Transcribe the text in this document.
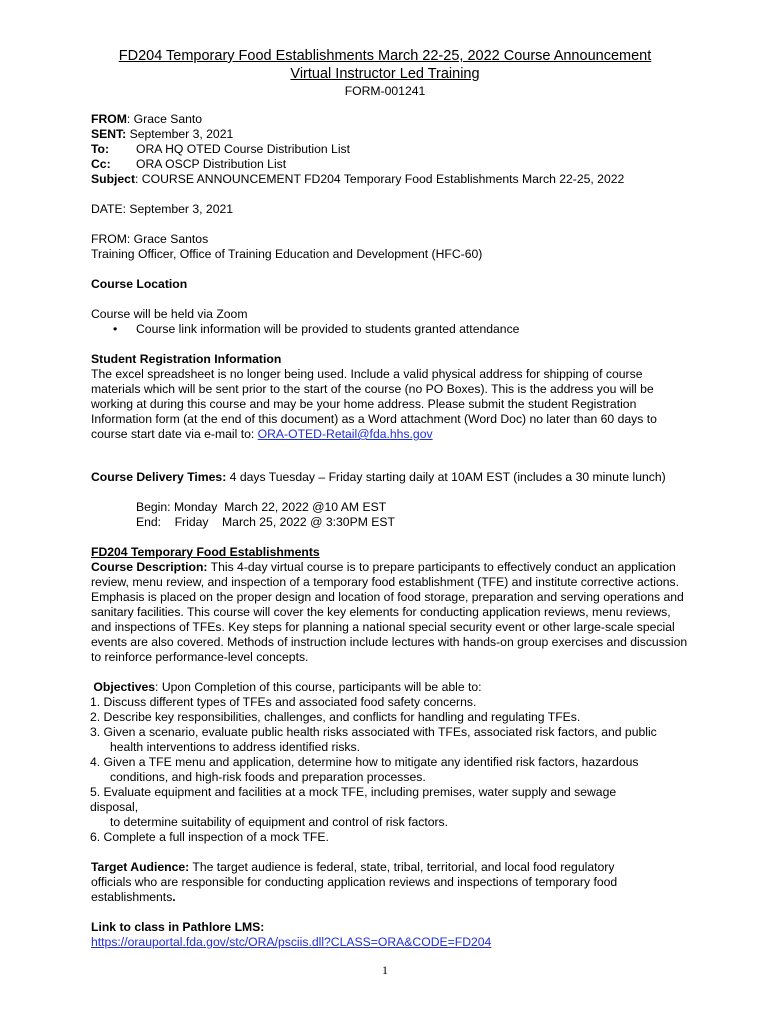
FD204 Temporary Food Establishments March 22-25, 2022 Course Announcement
Virtual Instructor Led Training
FORM-001241
FROM: Grace Santo
SENT: September 3, 2021
To: ORA HQ OTED Course Distribution List
Cc: ORA OSCP Distribution List
Subject: COURSE ANNOUNCEMENT FD204 Temporary Food Establishments March 22-25, 2022

DATE: September 3, 2021

FROM: Grace Santos

Training Officer, Office of Training Education and Development (HFC-60)

Course Location

Course will be held via Zoom

• Course link information will be provided to students granted attendance

Student Registration Information

The excel spreadsheet is no longer being used. Include a valid physical address for shipping of course materials which will be sent prior to the start of the course (no PO Boxes). This is the address you will be working at during this course and may be your home address. Please submit the student Registration Information form (at the end of this document) as a Word attachment (Word Doc) no later than 60 days to course start date via e-mail to: ORA-OTED-Retail@fda.hhs.gov

Course Delivery Times: 4 days Tuesday – Friday starting daily at 10AM EST (includes a 30 minute lunch)

Begin: Monday  March 22, 2022 @10 AM EST
End:    Friday    March 25, 2022 @ 3:30PM EST

FD204 Temporary Food Establishments

Course Description: This 4-day virtual course is to prepare participants to effectively conduct an application review, menu review, and inspection of a temporary food establishment (TFE) and institute corrective actions. Emphasis is placed on the proper design and location of food storage, preparation and serving operations and sanitary facilities. This course will cover the key elements for conducting application reviews, menu reviews, and inspections of TFEs. Key steps for planning a national special security event or other large-scale special events are also covered. Methods of instruction include lectures with hands-on group exercises and discussion to reinforce performance-level concepts.

Objectives: Upon Completion of this course, participants will be able to:
1. Discuss different types of TFEs and associated food safety concerns.
2. Describe key responsibilities, challenges, and conflicts for handling and regulating TFEs.
3. Given a scenario, evaluate public health risks associated with TFEs, associated risk factors, and public
health interventions to address identified risks.
4. Given a TFE menu and application, determine how to mitigate any identified risk factors, hazardous
conditions, and high-risk foods and preparation processes.
5. Evaluate equipment and facilities at a mock TFE, including premises, water supply and sewage disposal,
to determine suitability of equipment and control of risk factors.
6. Complete a full inspection of a mock TFE.

Target Audience: The target audience is federal, state, tribal, territorial, and local food regulatory officials who are responsible for conducting application reviews and inspections of temporary food establishments.

Link to class in Pathlore LMS:

https://orauportal.fda.gov/stc/ORA/psciis.dll?CLASS=ORA&CODE=FD204

1
